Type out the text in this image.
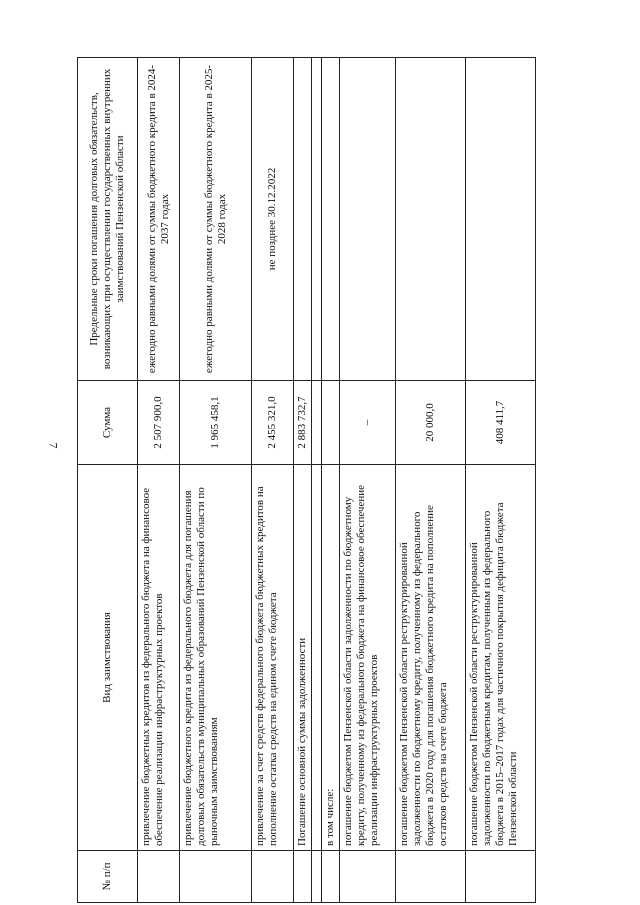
7
№ п/п	Вид заимствования	Сумма	Предельные сроки погашения долговых обязательств, возникающих при осуществлении государственных внутренних заимствований Пензенской области
	привлечение бюджетных кредитов из федерального бюджета на финансовое обеспечение реализации инфраструктурных проектов	2 507 900,0	ежегодно равными долями от суммы бюджетного кредита в 2024-2037 годах
	привлечение бюджетного кредита из федерального бюджета для погашения долговых обязательств муниципальных образований Пензенской области по рыночным заимствованиям	1 965 458,1	ежегодно равными долями от суммы бюджетного кредита в 2025-2028 годах
	привлечение за счет средств федерального бюджета бюджетных кредитов на пополнение остатка средств на едином счете бюджета	2 455 321,0	не позднее 30.12.2022
	Погашение основной суммы задолженности	2 883 732,7	

	в том числе:		
	погашение бюджетом Пензенской области задолженности по бюджетному кредиту, полученному из федерального бюджета на финансовое обеспечение реализации инфраструктурных проектов	–	
	погашение бюджетом Пензенской области реструктурированной задолженности по бюджетному кредиту, полученному из федерального бюджета в 2020 году для погашения бюджетного кредита на пополнение остатков средств на счете бюджета	20 000,0	
	погашение бюджетом Пензенской области реструктурированной задолженности по бюджетным кредитам, полученным из федерального бюджета в 2015–2017 годах для частичного покрытия дефицита бюджета Пензенской области	408 411,7	
